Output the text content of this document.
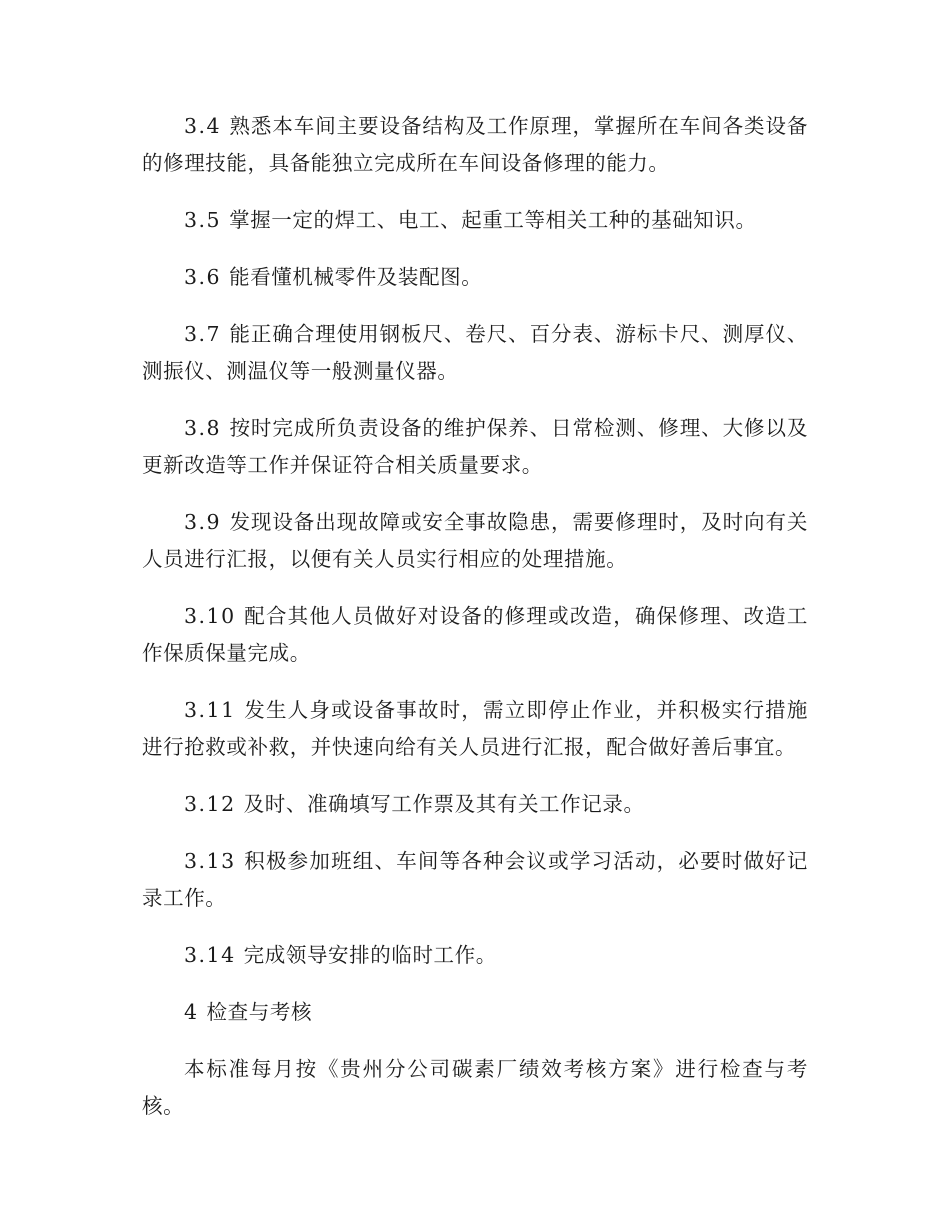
3.4 熟悉本车间主要设备结构及工作原理，掌握所在车间各类设备的修理技能，具备能独立完成所在车间设备修理的能力。

3.5 掌握一定的焊工、电工、起重工等相关工种的基础知识。

3.6 能看懂机械零件及装配图。

3.7 能正确合理使用钢板尺、卷尺、百分表、游标卡尺、测厚仪、测振仪、测温仪等一般测量仪器。

3.8 按时完成所负责设备的维护保养、日常检测、修理、大修以及更新改造等工作并保证符合相关质量要求。

3.9 发现设备出现故障或安全事故隐患，需要修理时，及时向有关人员进行汇报，以便有关人员实行相应的处理措施。

3.10 配合其他人员做好对设备的修理或改造，确保修理、改造工作保质保量完成。

3.11 发生人身或设备事故时，需立即停止作业，并积极实行措施进行抢救或补救，并快速向给有关人员进行汇报，配合做好善后事宜。

3.12 及时、准确填写工作票及其有关工作记录。

3.13 积极参加班组、车间等各种会议或学习活动，必要时做好记录工作。

3.14 完成领导安排的临时工作。

4 检查与考核

本标准每月按《贵州分公司碳素厂绩效考核方案》进行检查与考核。
